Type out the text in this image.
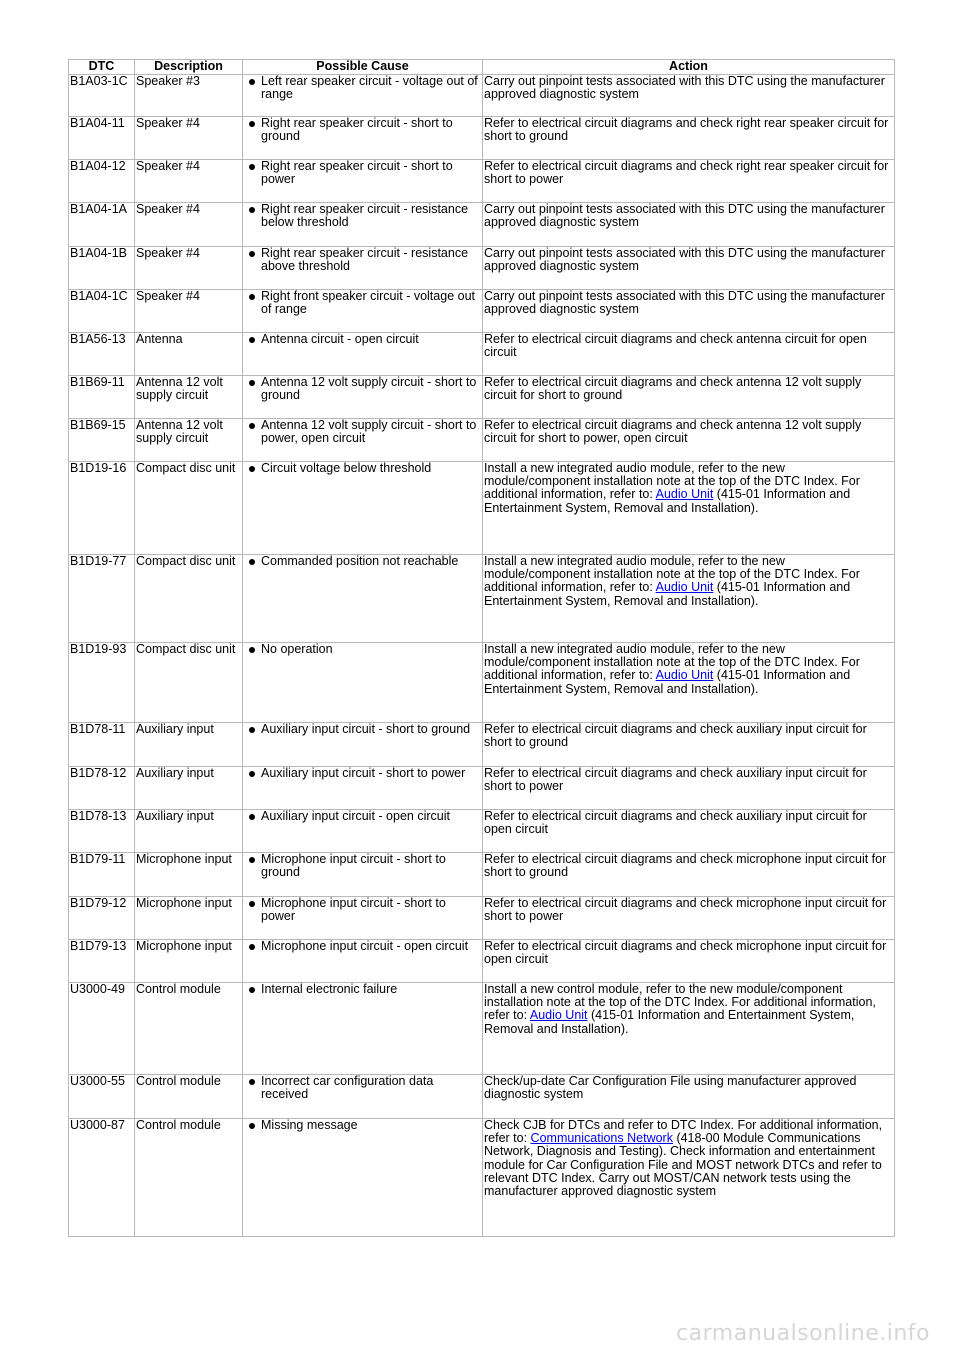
DTC	Description	Possible Cause	Action
B1A03-1C	Speaker #3	Left rear speaker circuit - voltage out of range	Carry out pinpoint tests associated with this DTC using the manufacturer approved diagnostic system
B1A04-11	Speaker #4	Right rear speaker circuit - short to ground	Refer to electrical circuit diagrams and check right rear speaker circuit for short to ground
B1A04-12	Speaker #4	Right rear speaker circuit - short to power	Refer to electrical circuit diagrams and check right rear speaker circuit for short to power
B1A04-1A	Speaker #4	Right rear speaker circuit - resistance below threshold	Carry out pinpoint tests associated with this DTC using the manufacturer approved diagnostic system
B1A04-1B	Speaker #4	Right rear speaker circuit - resistance above threshold	Carry out pinpoint tests associated with this DTC using the manufacturer approved diagnostic system
B1A04-1C	Speaker #4	Right front speaker circuit - voltage out of range	Carry out pinpoint tests associated with this DTC using the manufacturer approved diagnostic system
B1A56-13	Antenna	Antenna circuit - open circuit	Refer to electrical circuit diagrams and check antenna circuit for open circuit
B1B69-11	Antenna 12 volt supply circuit	Antenna 12 volt supply circuit - short to ground	Refer to electrical circuit diagrams and check antenna 12 volt supply circuit for short to ground
B1B69-15	Antenna 12 volt supply circuit	Antenna 12 volt supply circuit - short to power, open circuit	Refer to electrical circuit diagrams and check antenna 12 volt supply circuit for short to power, open circuit
B1D19-16	Compact disc unit	Circuit voltage below threshold	Install a new integrated audio module, refer to the new module/component installation note at the top of the DTC Index. For additional information, refer to: Audio Unit (415-01 Information and Entertainment System, Removal and Installation).
B1D19-77	Compact disc unit	Commanded position not reachable	Install a new integrated audio module, refer to the new module/component installation note at the top of the DTC Index. For additional information, refer to: Audio Unit (415-01 Information and Entertainment System, Removal and Installation).
B1D19-93	Compact disc unit	No operation	Install a new integrated audio module, refer to the new module/component installation note at the top of the DTC Index. For additional information, refer to: Audio Unit (415-01 Information and Entertainment System, Removal and Installation).
B1D78-11	Auxiliary input	Auxiliary input circuit - short to ground	Refer to electrical circuit diagrams and check auxiliary input circuit for short to ground
B1D78-12	Auxiliary input	Auxiliary input circuit - short to power	Refer to electrical circuit diagrams and check auxiliary input circuit for short to power
B1D78-13	Auxiliary input	Auxiliary input circuit - open circuit	Refer to electrical circuit diagrams and check auxiliary input circuit for open circuit
B1D79-11	Microphone input	Microphone input circuit - short to ground	Refer to electrical circuit diagrams and check microphone input circuit for short to ground
B1D79-12	Microphone input	Microphone input circuit - short to power	Refer to electrical circuit diagrams and check microphone input circuit for short to power
B1D79-13	Microphone input	Microphone input circuit - open circuit	Refer to electrical circuit diagrams and check microphone input circuit for open circuit
U3000-49	Control module	Internal electronic failure	Install a new control module, refer to the new module/component installation note at the top of the DTC Index. For additional information, refer to: Audio Unit (415-01 Information and Entertainment System, Removal and Installation).
U3000-55	Control module	Incorrect car configuration data received	Check/up-date Car Configuration File using manufacturer approved diagnostic system
U3000-87	Control module	Missing message	Check CJB for DTCs and refer to DTC Index. For additional information, refer to: Communications Network (418-00 Module Communications Network, Diagnosis and Testing). Check information and entertainment module for Car Configuration File and MOST network DTCs and refer to relevant DTC Index. Carry out MOST/CAN network tests using the manufacturer approved diagnostic system
carmanualsonline.info
